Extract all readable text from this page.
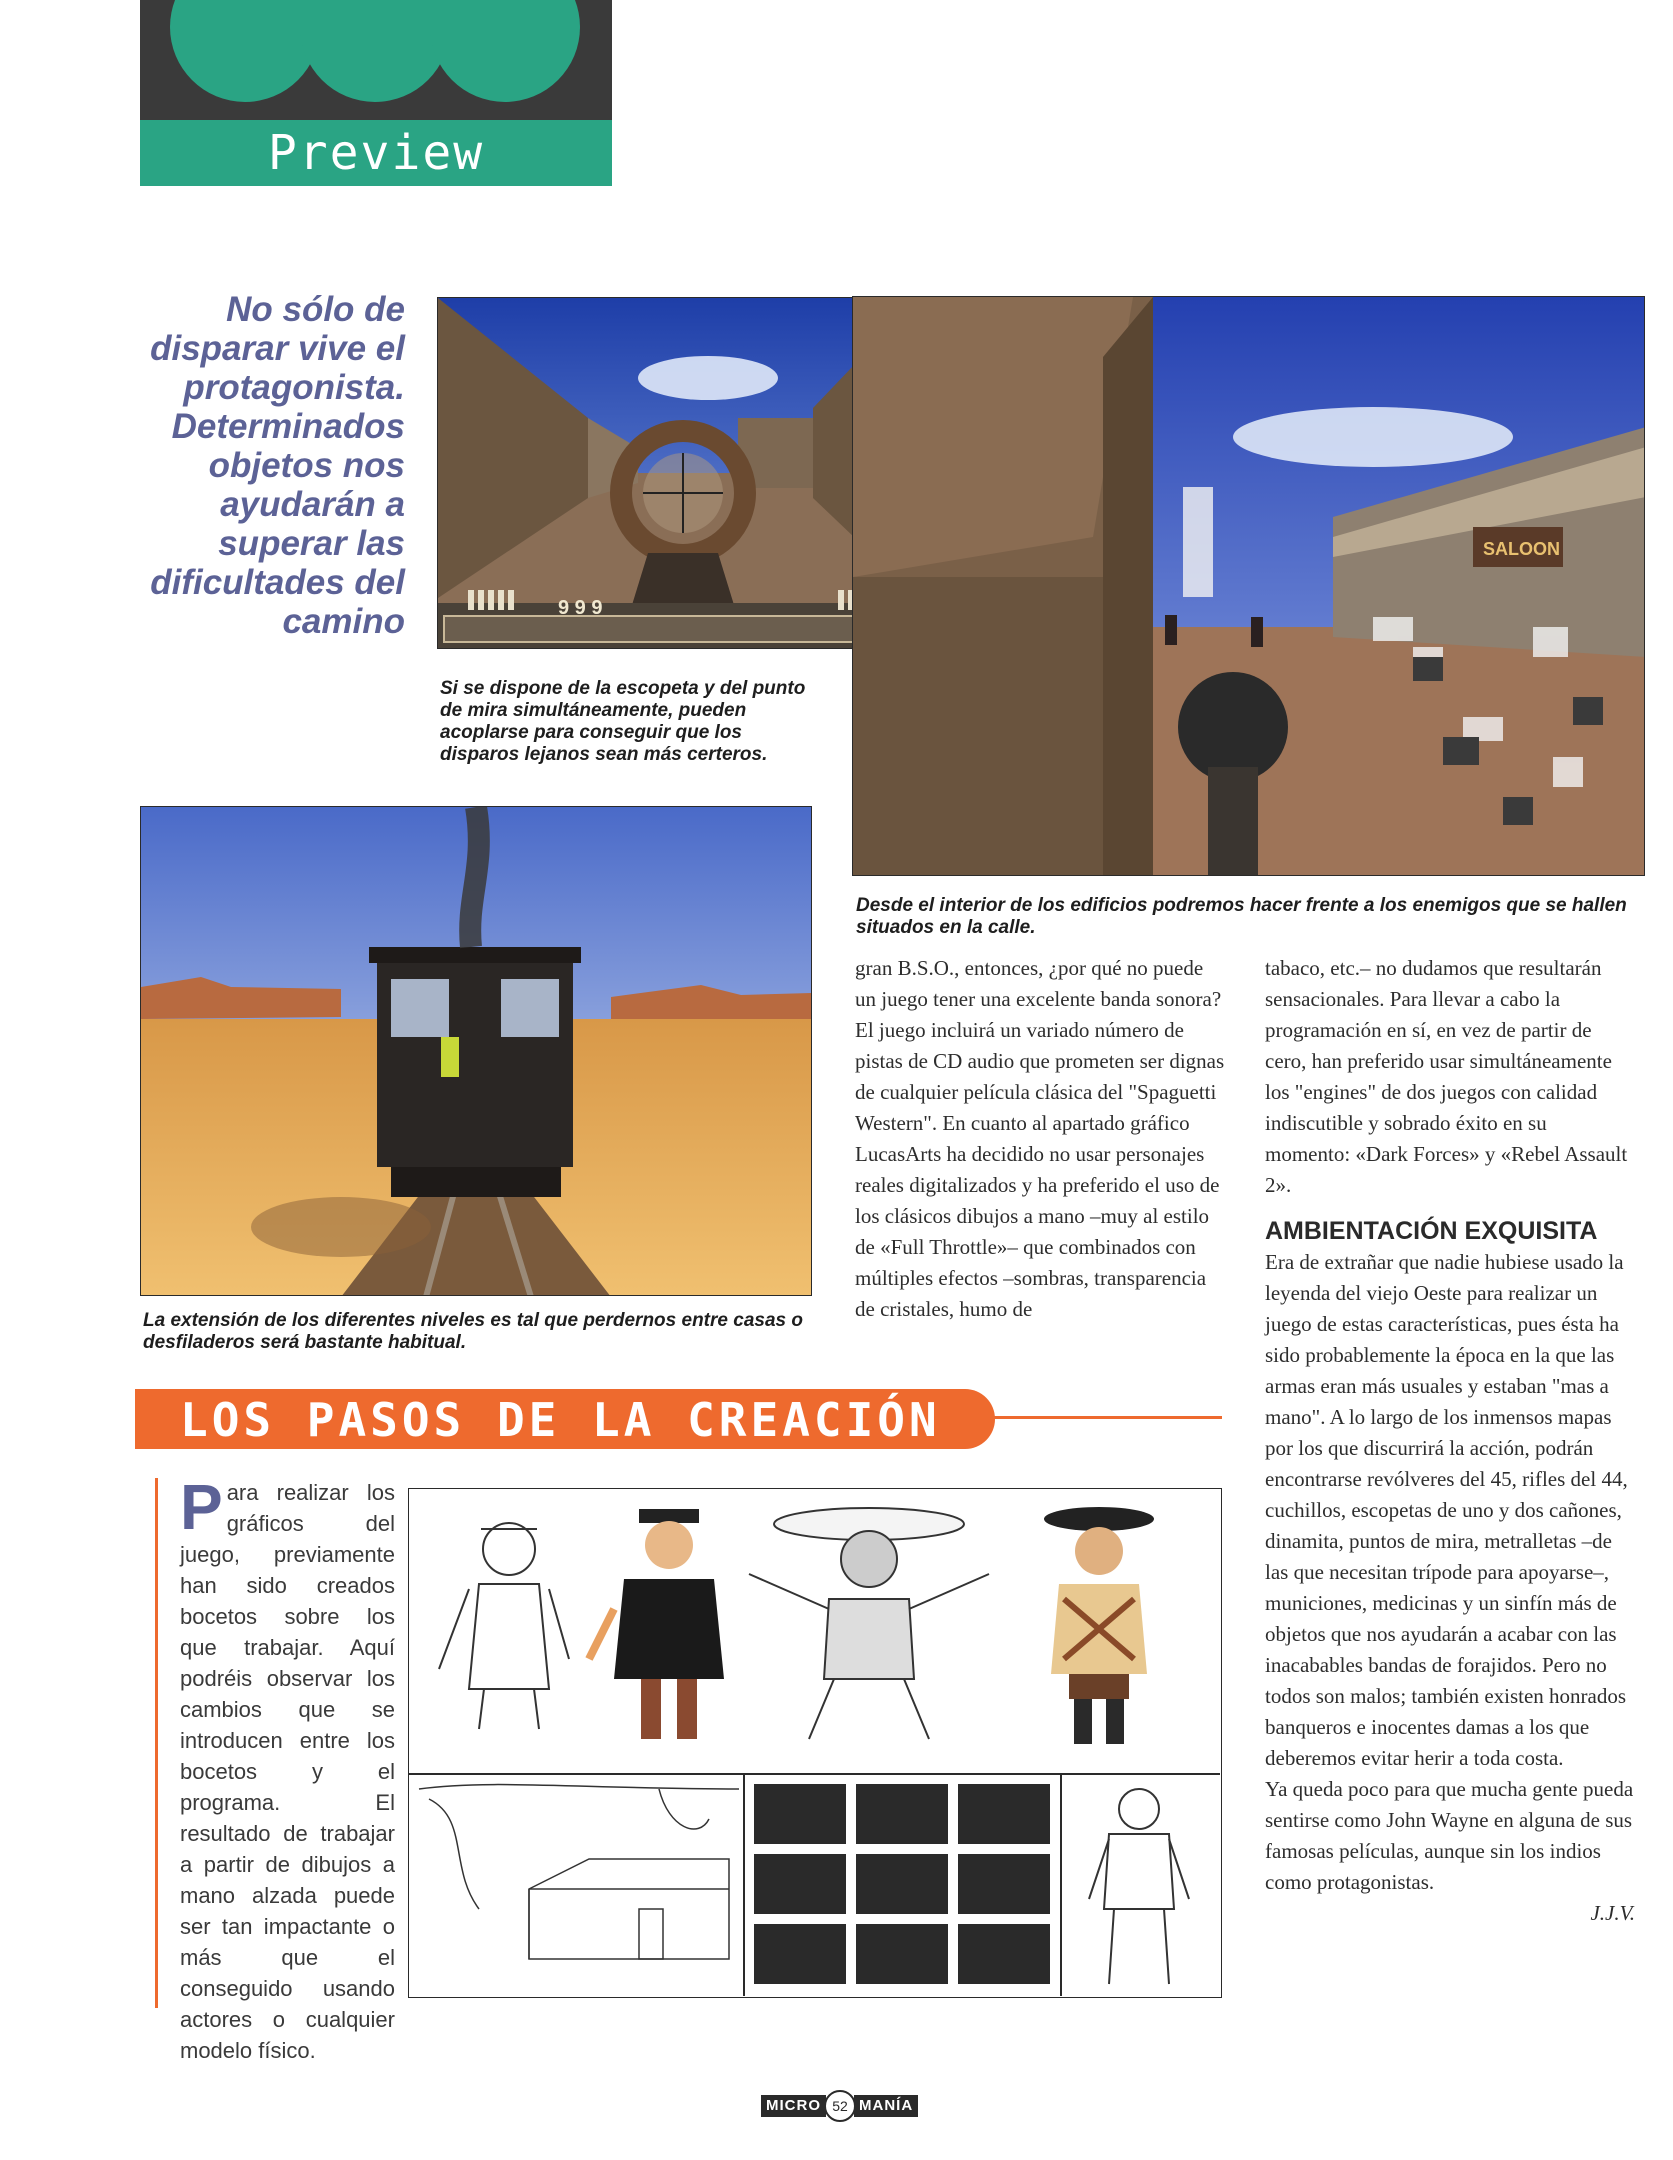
Preview
No sólo de disparar vive el protagonista. Determinados objetos nos ayudarán a superar las dificultades del camino	9 9 9
Si se dispone de la escopeta y del punto de mira simultáneamente, pueden acoplarse para conseguir que los disparos lejanos sean más certeros.
SALOON
Desde el interior de los edificios podremos hacer frente a los enemigos que se hallen situados en la calle.
La extensión de los diferentes niveles es tal que perdernos entre casas o desfiladeros será bastante habitual.

gran B.S.O., entonces, ¿por qué no puede un juego tener una excelente banda sonora? El juego incluirá un variado número de pistas de CD audio que prometen ser dignas de cualquier película clásica del "Spaguetti Western". En cuanto al apartado gráfico LucasArts ha decidido no usar personajes reales digitalizados y ha preferido el uso de los clásicos dibujos a mano –muy al estilo de «Full Throttle»– que combinados con múltiples efectos –sombras, transparencia de cristales, humo de

tabaco, etc.– no dudamos que resultarán sensacionales. Para llevar a cabo la programación en sí, en vez de partir de cero, han preferido usar simultáneamente los "engines" de dos juegos con calidad indiscutible y sobrado éxito en su momento: «Dark Forces» y «Rebel Assault 2».

AMBIENTACIÓN EXQUISITA

Era de extrañar que nadie hubiese usado la leyenda del viejo Oeste para realizar un juego de estas características, pues ésta ha sido probablemente la época en la que las armas eran más usuales y estaban "mas a mano". A lo largo de los inmensos mapas por los que discurrirá la acción, podrán encontrarse revólveres del 45, rifles del 44, cuchillos, escopetas de uno y dos cañones, dinamita, puntos de mira, metralletas –de las que necesitan trípode para apoyarse–, municiones, medicinas y un sinfín más de objetos que nos ayudarán a acabar con las inacabables bandas de forajidos. Pero no todos son malos; también existen honrados banqueros e inocentes damas a los que deberemos evitar herir a toda costa.

Ya queda poco para que mucha gente pueda sentirse como John Wayne en alguna de sus famosas películas, aunque sin los indios como protagonistas.

J.J.V.

LOS PASOS DE LA CREACIÓN
Para realizar los gráficos del juego, previamente han sido creados bocetos sobre los que trabajar. Aquí podréis observar los cambios que se introducen entre los bocetos y el programa. El resultado de trabajar a partir de dibujos a mano alzada puede ser tan impactante o más que el conseguido usando actores o cualquier modelo físico.
MICRO 52 MANÍA
